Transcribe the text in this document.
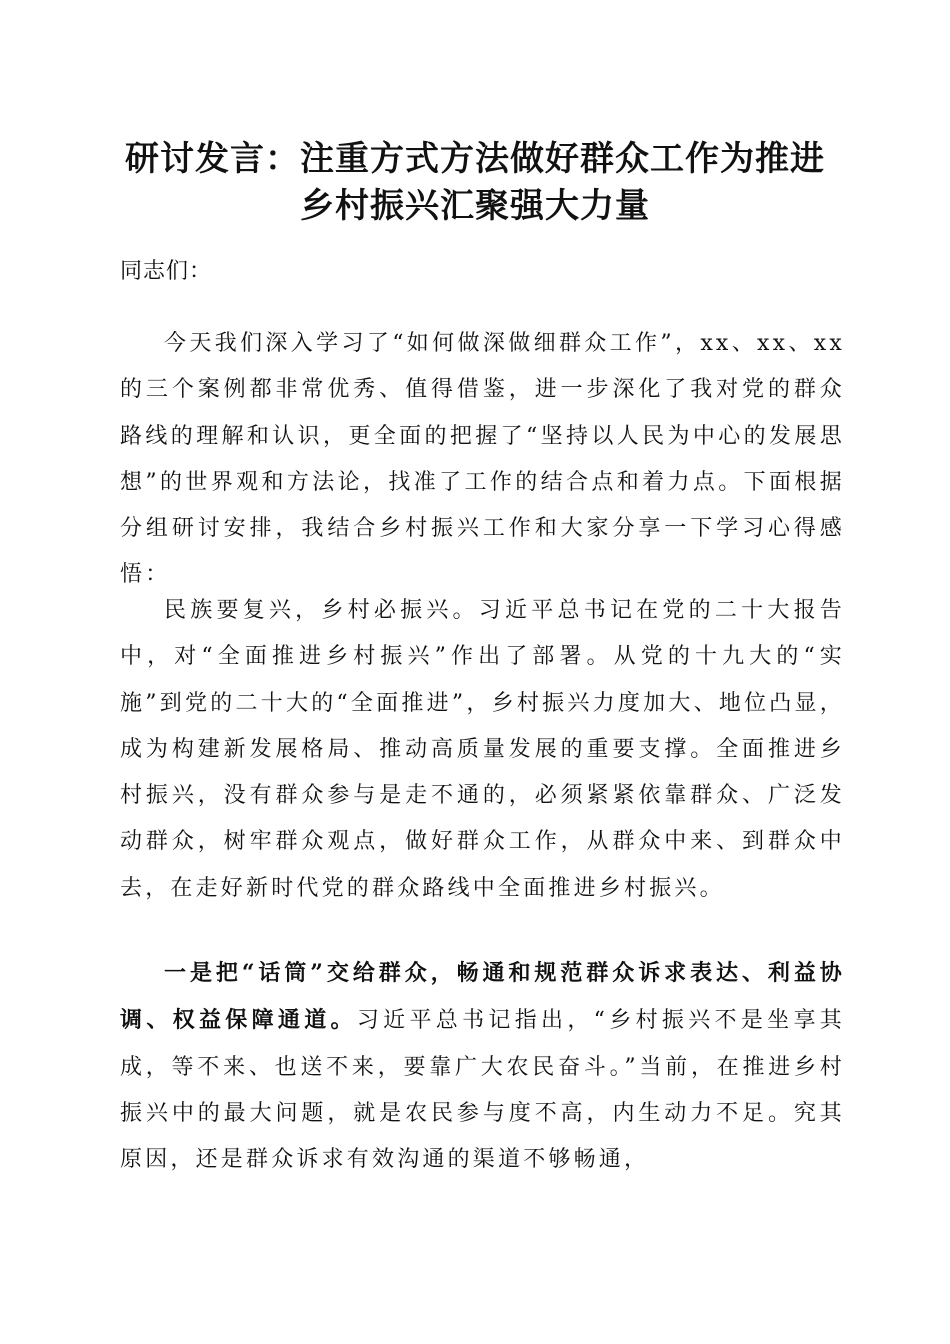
研讨发言：注重方式方法做好群众工作为推进
乡村振兴汇聚强大力量
同志们：
今天我们深入学习了“如何做深做细群众工作”，xx、xx、xx的三个案例都非常优秀、值得借鉴，进一步深化了我对党的群众路线的理解和认识，更全面的把握了“坚持以人民为中心的发展思想”的世界观和方法论，找准了工作的结合点和着力点。下面根据分组研讨安排，我结合乡村振兴工作和大家分享一下学习心得感悟：
民族要复兴，乡村必振兴。习近平总书记在党的二十大报告中，对“全面推进乡村振兴”作出了部署。从党的十九大的“实施”到党的二十大的“全面推进”，乡村振兴力度加大、地位凸显，成为构建新发展格局、推动高质量发展的重要支撑。全面推进乡村振兴，没有群众参与是走不通的，必须紧紧依靠群众、广泛发动群众，树牢群众观点，做好群众工作，从群众中来、到群众中去，在走好新时代党的群众路线中全面推进乡村振兴。
一是把“话筒”交给群众，畅通和规范群众诉求表达、利益协调、权益保障通道。习近平总书记指出，“乡村振兴不是坐享其成，等不来、也送不来，要靠广大农民奋斗。”当前，在推进乡村振兴中的最大问题，就是农民参与度不高，内生动力不足。究其原因，还是群众诉求有效沟通的渠道不够畅通，
